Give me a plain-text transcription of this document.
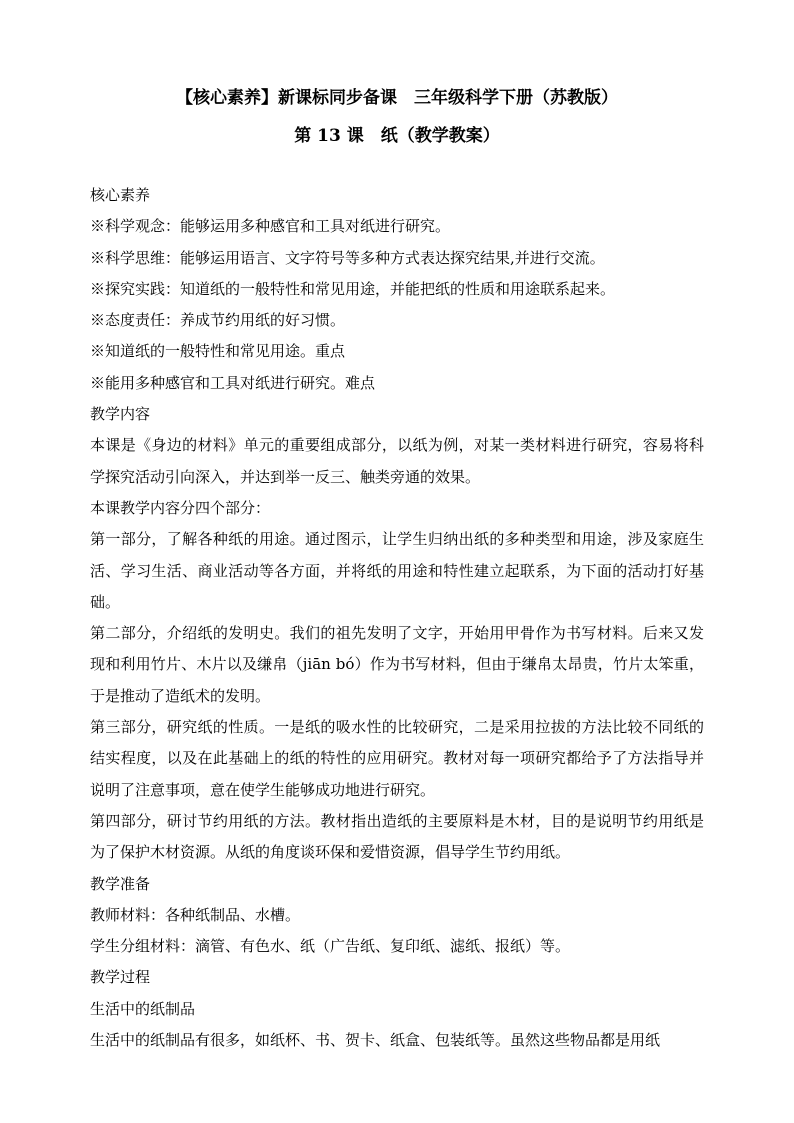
【核心素养】新课标同步备课　三年级科学下册（苏教版）
第 13 课　纸（教学教案）

核心素养

※科学观念：能够运用多种感官和工具对纸进行研究。

※科学思维：能够运用语言、文字符号等多种方式表达探究结果,并进行交流。

※探究实践：知道纸的一般特性和常见用途，并能把纸的性质和用途联系起来。

※态度责任：养成节约用纸的好习惯。

※知道纸的一般特性和常见用途。重点

※能用多种感官和工具对纸进行研究。难点

教学内容

本课是《身边的材料》单元的重要组成部分，以纸为例，对某一类材料进行研究，容易将科学探究活动引向深入，并达到举一反三、触类旁通的效果。

本课教学内容分四个部分：

第一部分，了解各种纸的用途。通过图示，让学生归纳出纸的多种类型和用途，涉及家庭生活、学习生活、商业活动等各方面，并将纸的用途和特性建立起联系，为下面的活动打好基础。

第二部分，介绍纸的发明史。我们的祖先发明了文字，开始用甲骨作为书写材料。后来又发现和利用竹片、木片以及缣帛（jiān bó）作为书写材料，但由于缣帛太昂贵，竹片太笨重，于是推动了造纸术的发明。

第三部分，研究纸的性质。一是纸的吸水性的比较研究，二是采用拉拔的方法比较不同纸的结实程度，以及在此基础上的纸的特性的应用研究。教材对每一项研究都给予了方法指导并说明了注意事项，意在使学生能够成功地进行研究。

第四部分，研讨节约用纸的方法。教材指出造纸的主要原料是木材，目的是说明节约用纸是为了保护木材资源。从纸的角度谈环保和爱惜资源，倡导学生节约用纸。

教学准备

教师材料：各种纸制品、水槽。

学生分组材料：滴管、有色水、纸（广告纸、复印纸、滤纸、报纸）等。

教学过程

生活中的纸制品

生活中的纸制品有很多，如纸杯、书、贺卡、纸盒、包装纸等。虽然这些物品都是用纸
